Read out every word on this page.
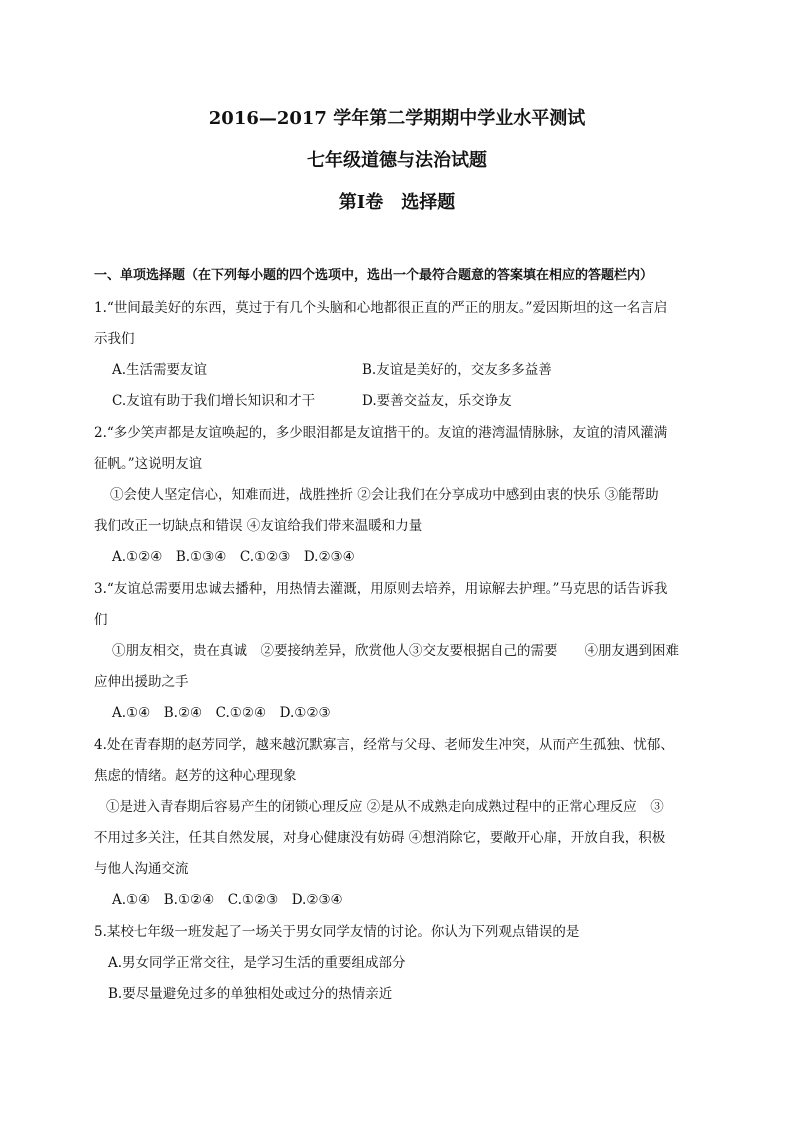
2016—2017 学年第二学期期中学业水平测试
七年级道德与法治试题
第Ⅰ卷　选择题
一、单项选择题（在下列每小题的四个选项中，选出一个最符合题意的答案填在相应的答题栏内）
1.“世间最美好的东西，莫过于有几个头脑和心地都很正直的严正的朋友。”爱因斯坦的这一名言启
示我们
A.生活需要友谊	B.友谊是美好的，交友多多益善
C.友谊有助于我们增长知识和才干	D.要善交益友，乐交诤友
2.“多少笑声都是友谊唤起的，多少眼泪都是友谊揩干的。友谊的港湾温情脉脉，友谊的清风灌满
征帆。”这说明友谊
①会使人坚定信心，知难而进，战胜挫折 ②会让我们在分享成功中感到由衷的快乐 ③能帮助
我们改正一切缺点和错误 ④友谊给我们带来温暖和力量
A.①②④　B.①③④　C.①②③　D.②③④
3.“友谊总需要用忠诚去播种，用热情去灌溉，用原则去培养，用谅解去护理。”马克思的话告诉我
们
①朋友相交，贵在真诚　②要接纳差异，欣赏他人③交友要根据自己的需要　　④朋友遇到困难
应伸出援助之手
A.①④　B.②④　C.①②④　D.①②③
4.处在青春期的赵芳同学，越来越沉默寡言，经常与父母、老师发生冲突，从而产生孤独、忧郁、
焦虑的情绪。赵芳的这种心理现象
①是进入青春期后容易产生的闭锁心理反应 ②是从不成熟走向成熟过程中的正常心理反应　③
不用过多关注，任其自然发展，对身心健康没有妨碍 ④想消除它，要敞开心扉，开放自我，积极
与他人沟通交流
A.①④　B.①②④　C.①②③　D.②③④
5.某校七年级一班发起了一场关于男女同学友情的讨论。你认为下列观点错误的是
A.男女同学正常交往，是学习生活的重要组成部分
B.要尽量避免过多的单独相处或过分的热情亲近
